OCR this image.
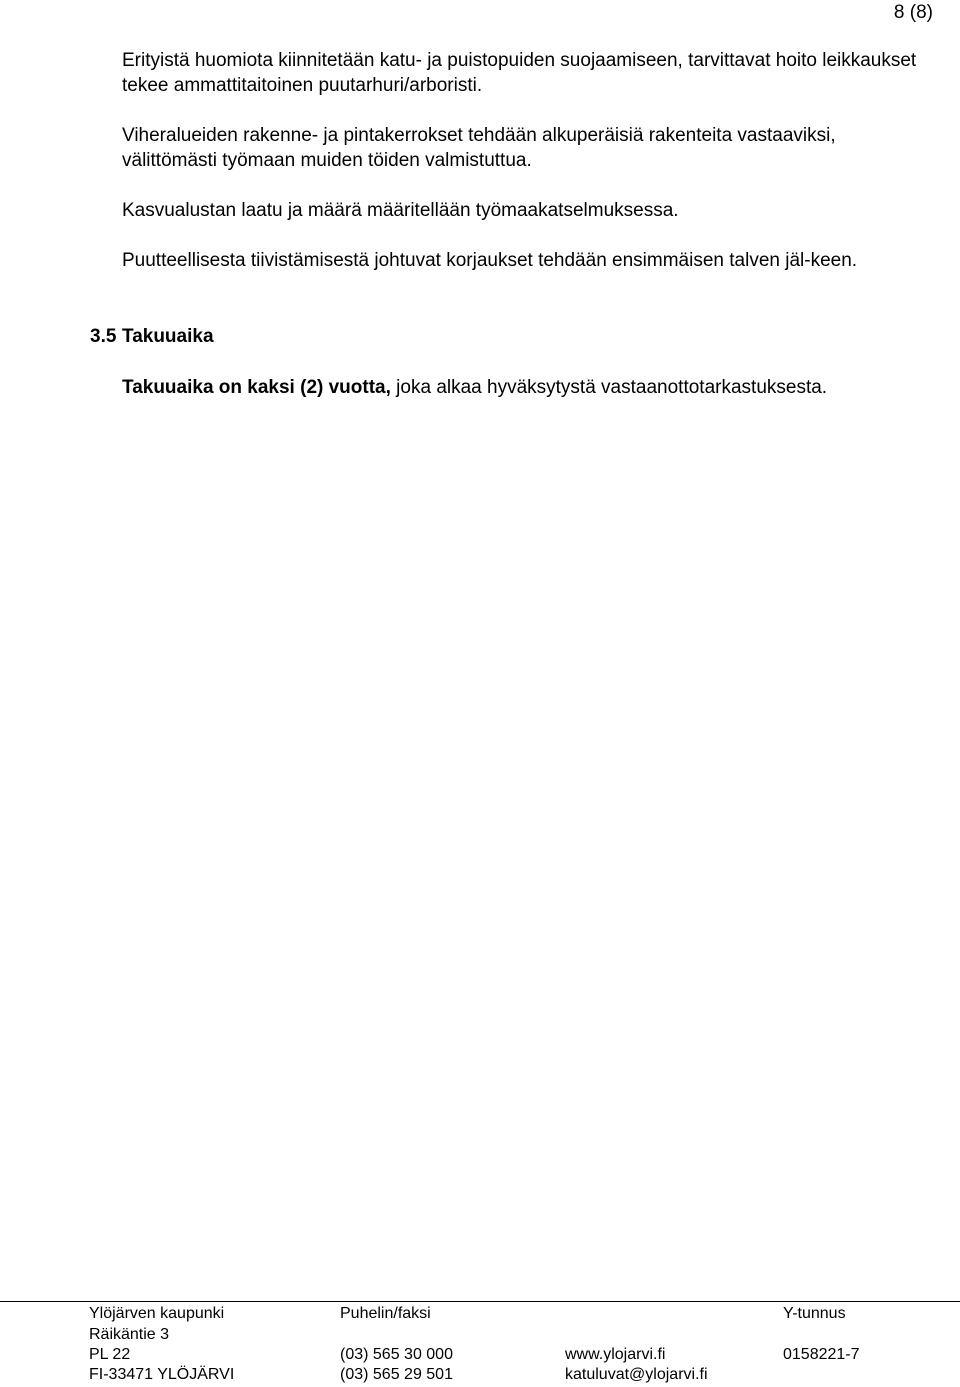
8 (8)
Erityistä huomiota kiinnitetään katu- ja puistopuiden suojaamiseen, tarvittavat hoito leikkaukset tekee ammattitaitoinen puutarhuri/arboristi.
Viheralueiden rakenne- ja pintakerrokset tehdään alkuperäisiä rakenteita vastaaviksi, välittömästi työmaan muiden töiden valmistuttua.
Kasvualustan laatu ja määrä määritellään työmaakatselmuksessa.
Puutteellisesta tiivistämisestä johtuvat korjaukset tehdään ensimmäisen talven jäl-keen.
3.5 Takuuaika
Takuuaika on kaksi (2) vuotta, joka alkaa hyväksytystä vastaanottotarkastuksesta.
Ylöjärven kaupunki
Räikäntie 3
PL 22
FI-33471 YLÖJÄRVI
Puhelin/faksi
(03) 565 30 000
(03) 565 29 501
www.ylojarvi.fi
katuluvat@ylojarvi.fi
Y-tunnus
0158221-7
